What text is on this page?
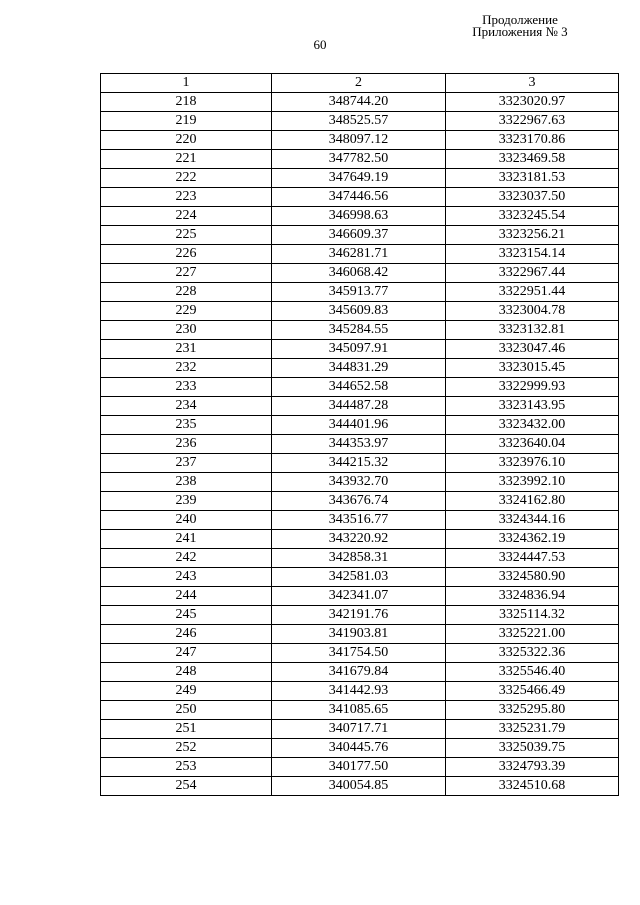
Продолжение
Приложения № 3
60
1	2	3
218	348744.20	3323020.97
219	348525.57	3322967.63
220	348097.12	3323170.86
221	347782.50	3323469.58
222	347649.19	3323181.53
223	347446.56	3323037.50
224	346998.63	3323245.54
225	346609.37	3323256.21
226	346281.71	3323154.14
227	346068.42	3322967.44
228	345913.77	3322951.44
229	345609.83	3323004.78
230	345284.55	3323132.81
231	345097.91	3323047.46
232	344831.29	3323015.45
233	344652.58	3322999.93
234	344487.28	3323143.95
235	344401.96	3323432.00
236	344353.97	3323640.04
237	344215.32	3323976.10
238	343932.70	3323992.10
239	343676.74	3324162.80
240	343516.77	3324344.16
241	343220.92	3324362.19
242	342858.31	3324447.53
243	342581.03	3324580.90
244	342341.07	3324836.94
245	342191.76	3325114.32
246	341903.81	3325221.00
247	341754.50	3325322.36
248	341679.84	3325546.40
249	341442.93	3325466.49
250	341085.65	3325295.80
251	340717.71	3325231.79
252	340445.76	3325039.75
253	340177.50	3324793.39
254	340054.85	3324510.68
